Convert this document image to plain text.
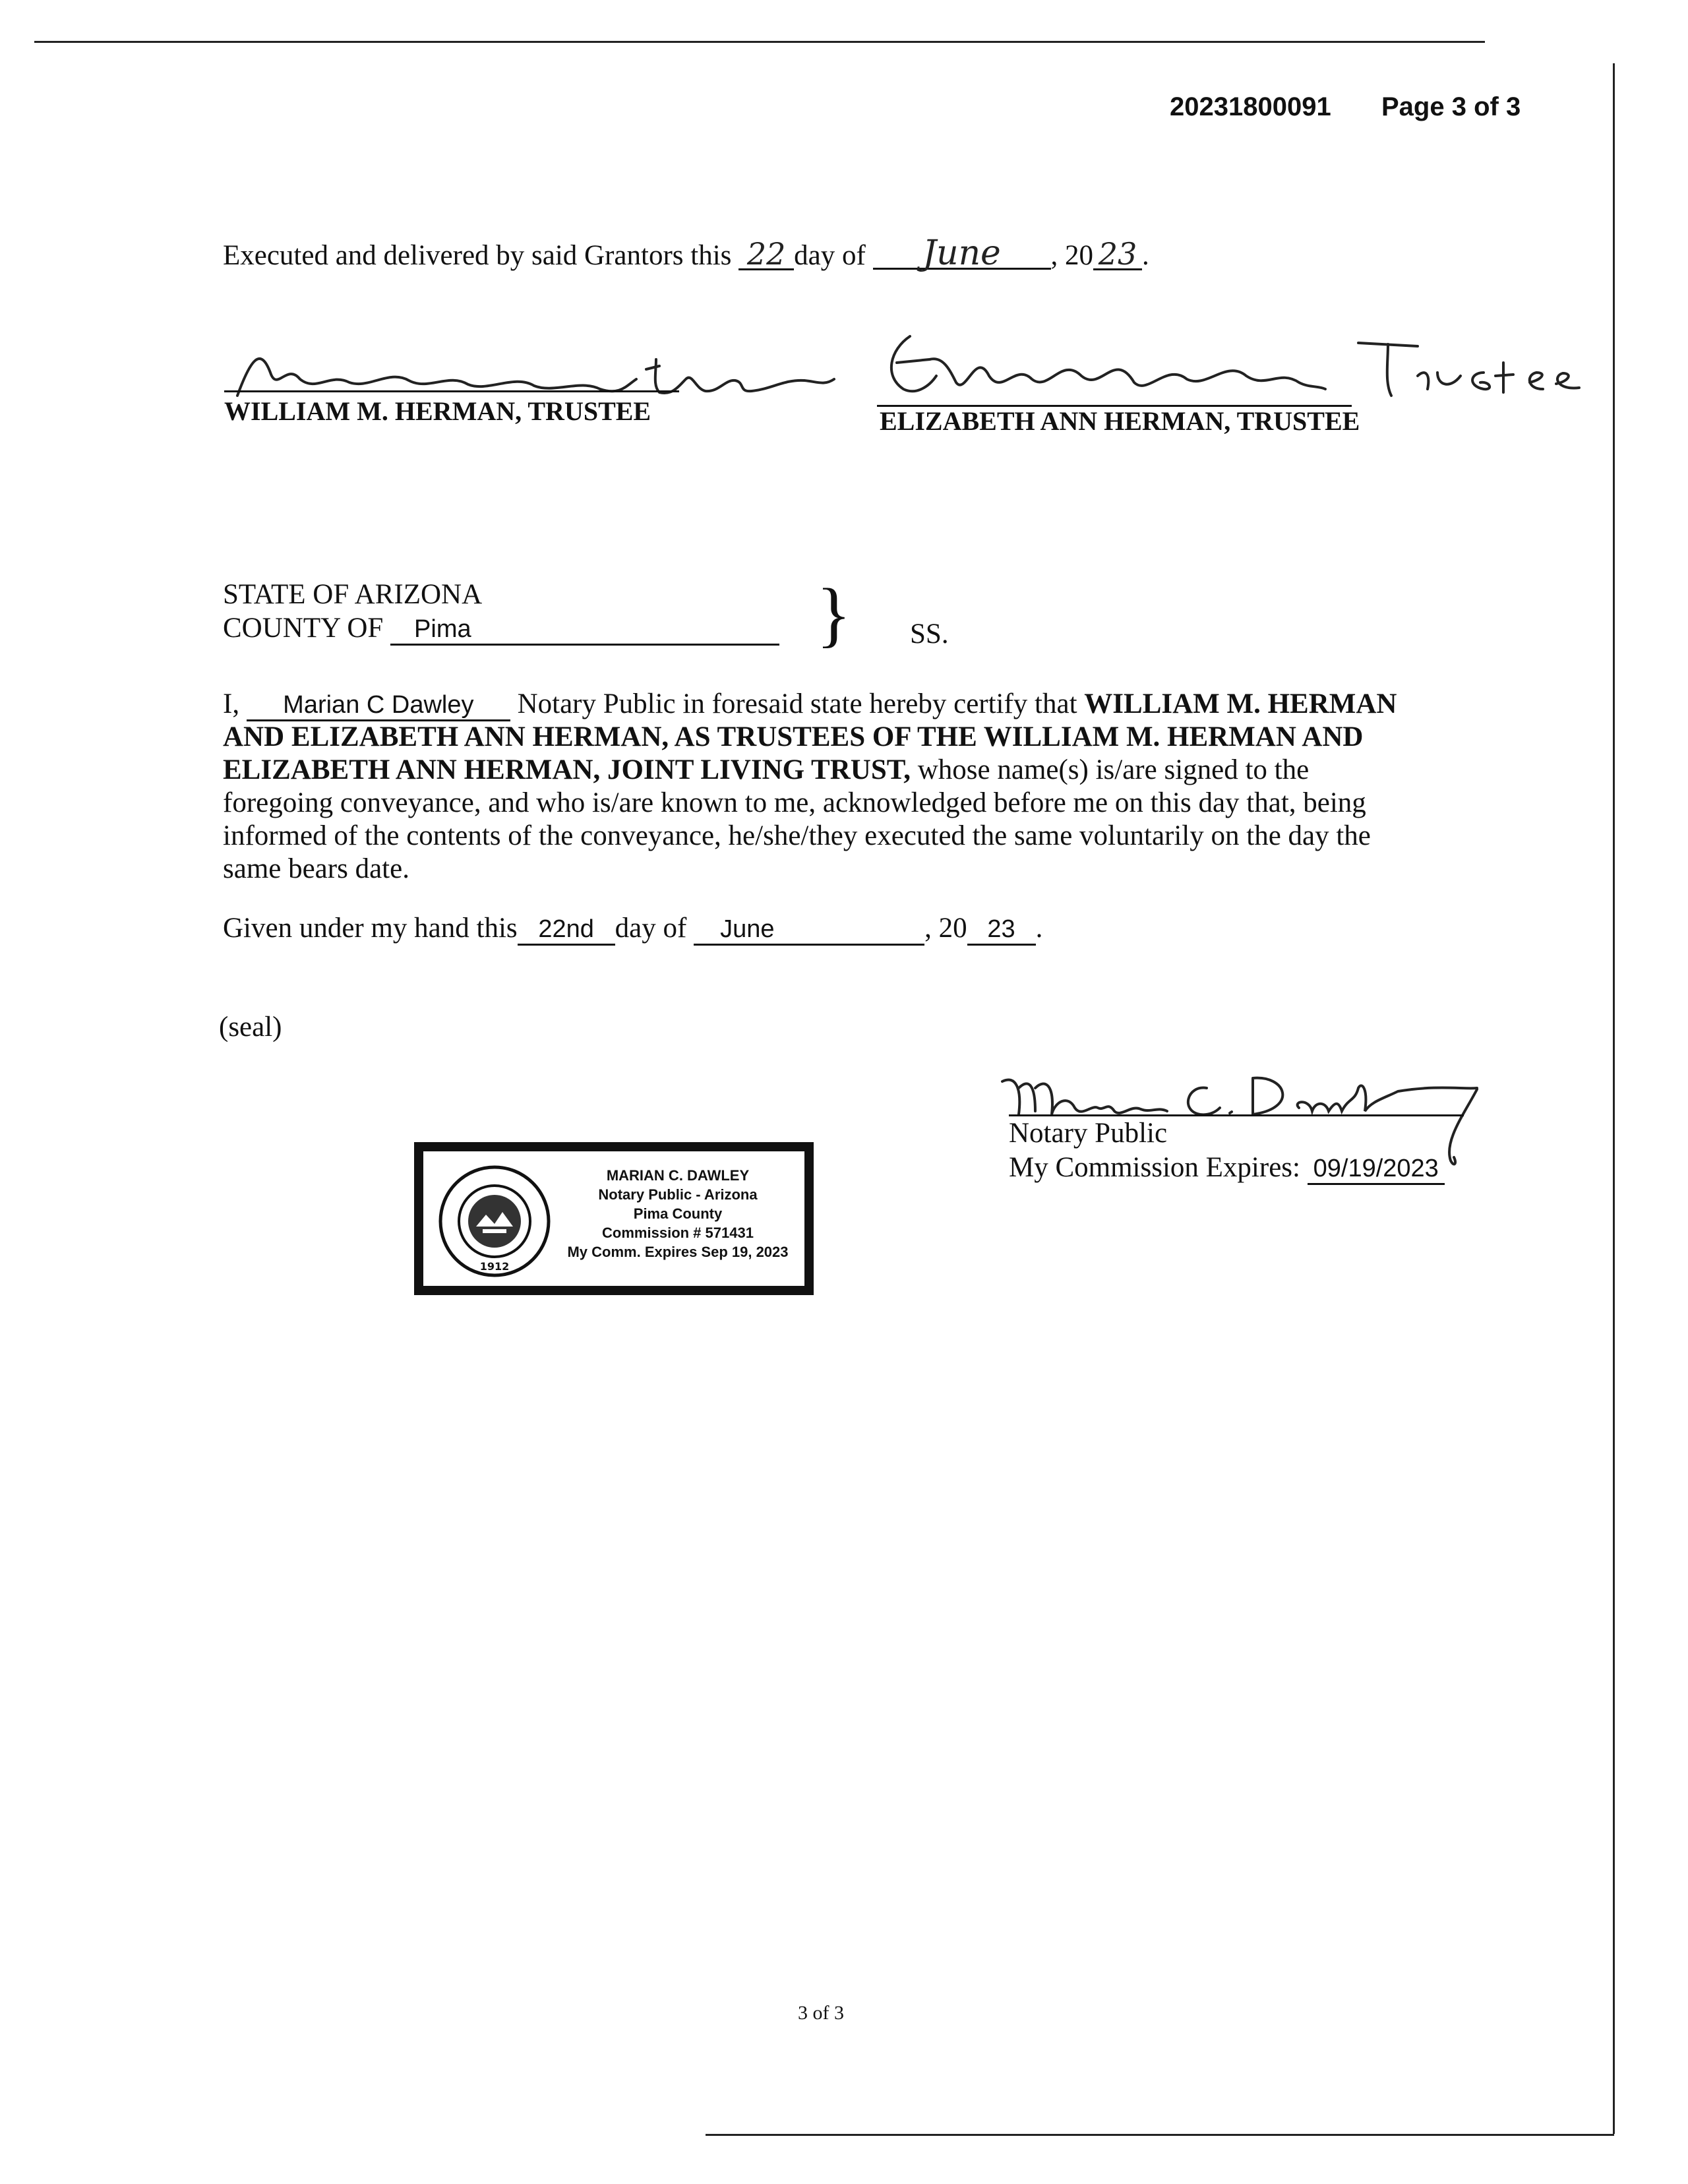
20231800091 Page 3 of 3
Executed and delivered by said Grantors this 22 day of June , 20 23 .
WILLIAM M. HERMAN, TRUSTEE	ELIZABETH ANN HERMAN, TRUSTEE
STATE OF ARIZONA
COUNTY OF Pima	} SS.
I, Marian C Dawley Notary Public in foresaid state hereby certify that WILLIAM M. HERMAN
AND ELIZABETH ANN HERMAN, AS TRUSTEES OF THE WILLIAM M. HERMAN AND
ELIZABETH ANN HERMAN, JOINT LIVING TRUST, whose name(s) is/are signed to the
foregoing conveyance, and who is/are known to me, acknowledged before me on this day that, being
informed of the contents of the conveyance, he/she/they executed the same voluntarily on the day the
same bears date.
Given under my hand this 22nd day of June	, 20 23 .
(seal)
1912
MARIAN C. DAWLEY
Notary Public - Arizona
Pima County
Commission # 571431
My Comm. Expires Sep 19, 2023
Notary Public
My Commission Expires: 09/19/2023
3 of 3
